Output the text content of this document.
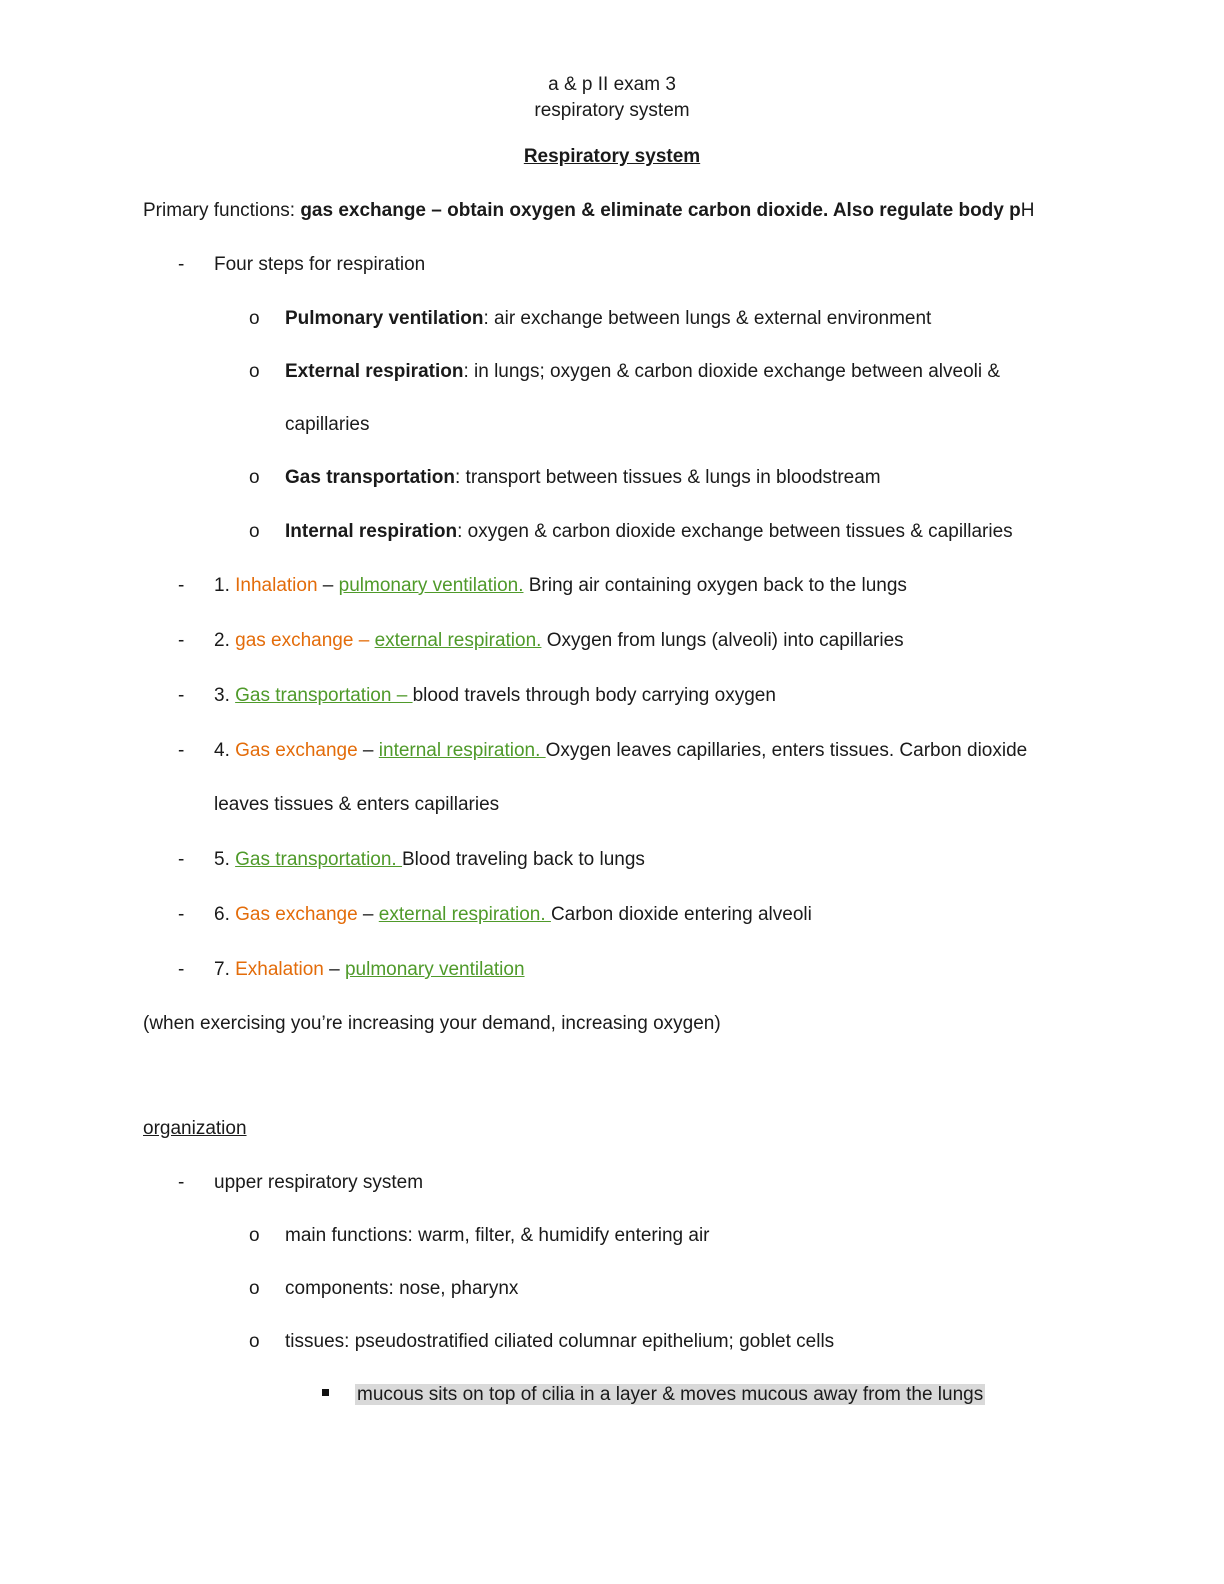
a & p II exam 3
respiratory system
Respiratory system
Primary functions: gas exchange – obtain oxygen & eliminate carbon dioxide. Also regulate body pH
- Four steps for respiration
o Pulmonary ventilation: air exchange between lungs & external environment
o External respiration: in lungs; oxygen & carbon dioxide exchange between alveoli &
capillaries
o Gas transportation: transport between tissues & lungs in bloodstream
o Internal respiration: oxygen & carbon dioxide exchange between tissues & capillaries
- 1. Inhalation – pulmonary ventilation. Bring air containing oxygen back to the lungs
- 2. gas exchange – external respiration. Oxygen from lungs (alveoli) into capillaries
- 3. Gas transportation – blood travels through body carrying oxygen
- 4. Gas exchange – internal respiration. Oxygen leaves capillaries, enters tissues. Carbon dioxide
leaves tissues & enters capillaries
- 5. Gas transportation. Blood traveling back to lungs
- 6. Gas exchange – external respiration. Carbon dioxide entering alveoli
- 7. Exhalation – pulmonary ventilation
(when exercising you’re increasing your demand, increasing oxygen)
organization
- upper respiratory system
o main functions: warm, filter, & humidify entering air
o components: nose, pharynx
o tissues: pseudostratified ciliated columnar epithelium; goblet cells
mucous sits on top of cilia in a layer & moves mucous away from the lungs
